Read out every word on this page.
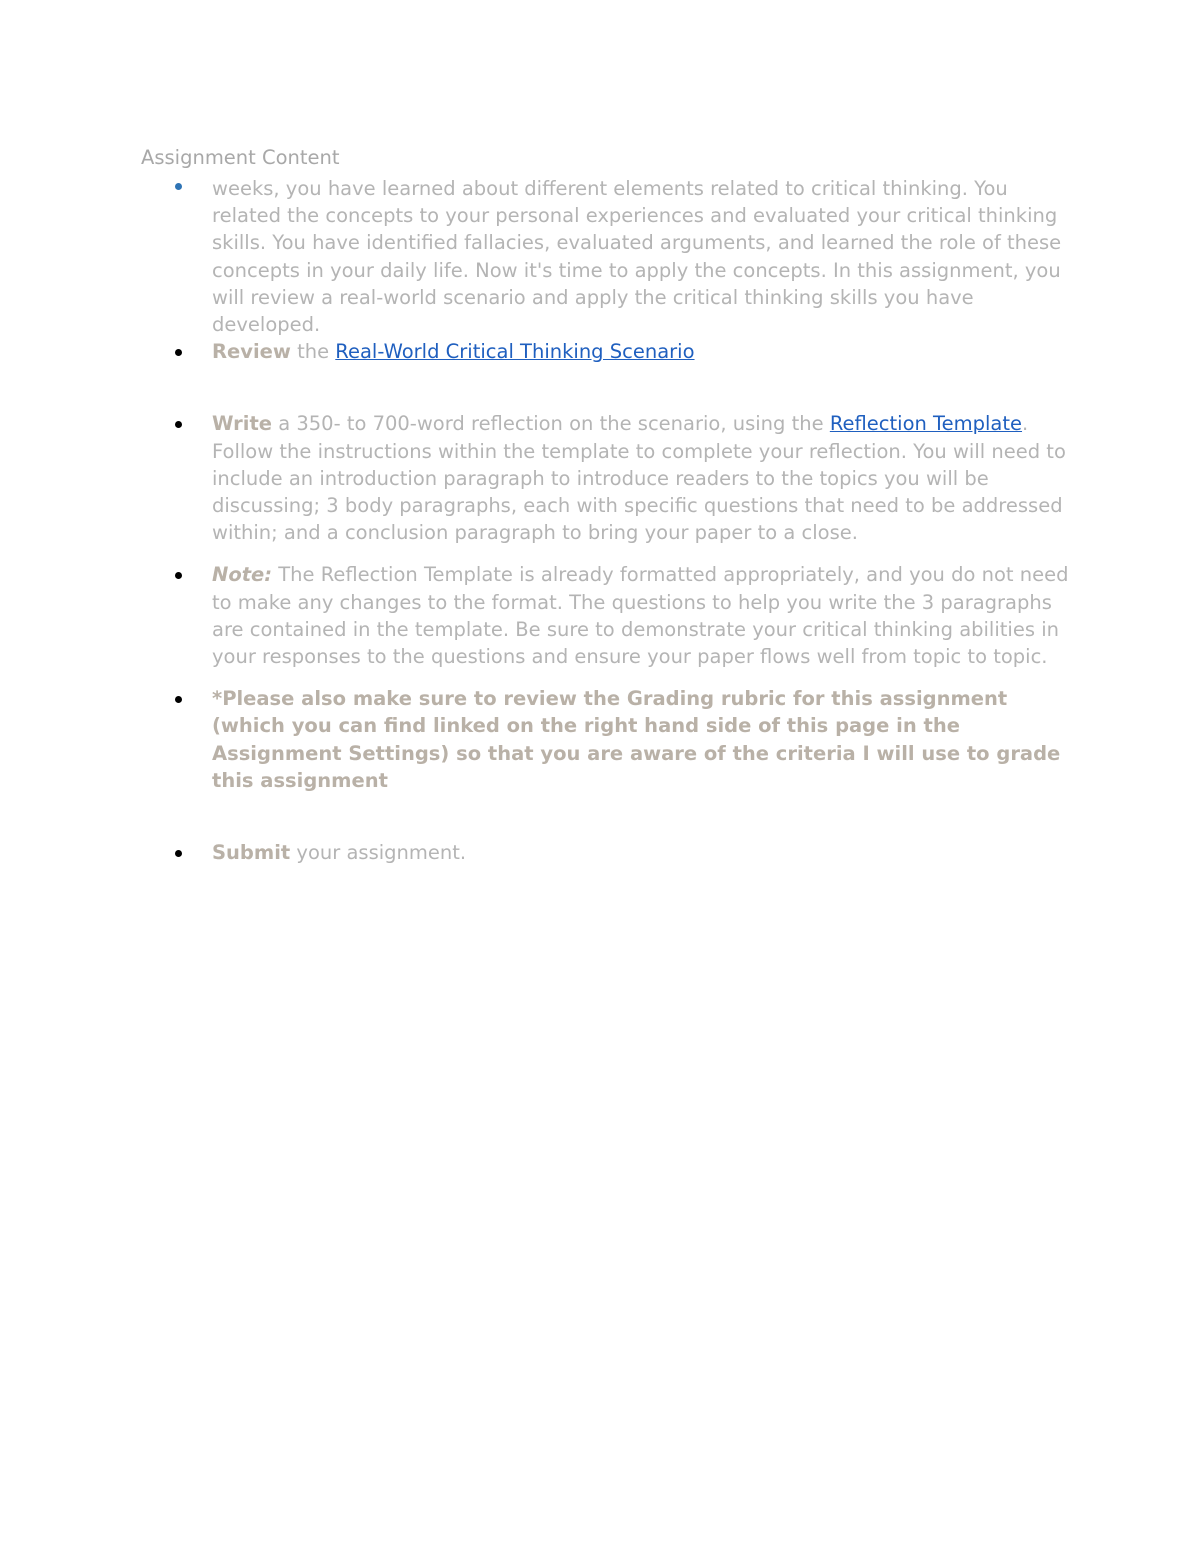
Assignment Content
weeks, you have learned about different elements related to critical thinking. You related the concepts to your personal experiences and evaluated your critical thinking skills. You have identified fallacies, evaluated arguments, and learned the role of these concepts in your daily life. Now it's time to apply the concepts. In this assignment, you will review a real-world scenario and apply the critical thinking skills you have developed.
Review the Real-World Critical Thinking Scenario
Write a 350- to 700-word reflection on the scenario, using the Reflection Template. Follow the instructions within the template to complete your reflection. You will need to include an introduction paragraph to introduce readers to the topics you will be discussing; 3 body paragraphs, each with specific questions that need to be addressed within; and a conclusion paragraph to bring your paper to a close.
Note: The Reflection Template is already formatted appropriately, and you do not need to make any changes to the format. The questions to help you write the 3 paragraphs are contained in the template. Be sure to demonstrate your critical thinking abilities in your responses to the questions and ensure your paper flows well from topic to topic.
*Please also make sure to review the Grading rubric for this assignment (which you can find linked on the right hand side of this page in the Assignment Settings) so that you are aware of the criteria I will use to grade this assignment
Submit your assignment.
